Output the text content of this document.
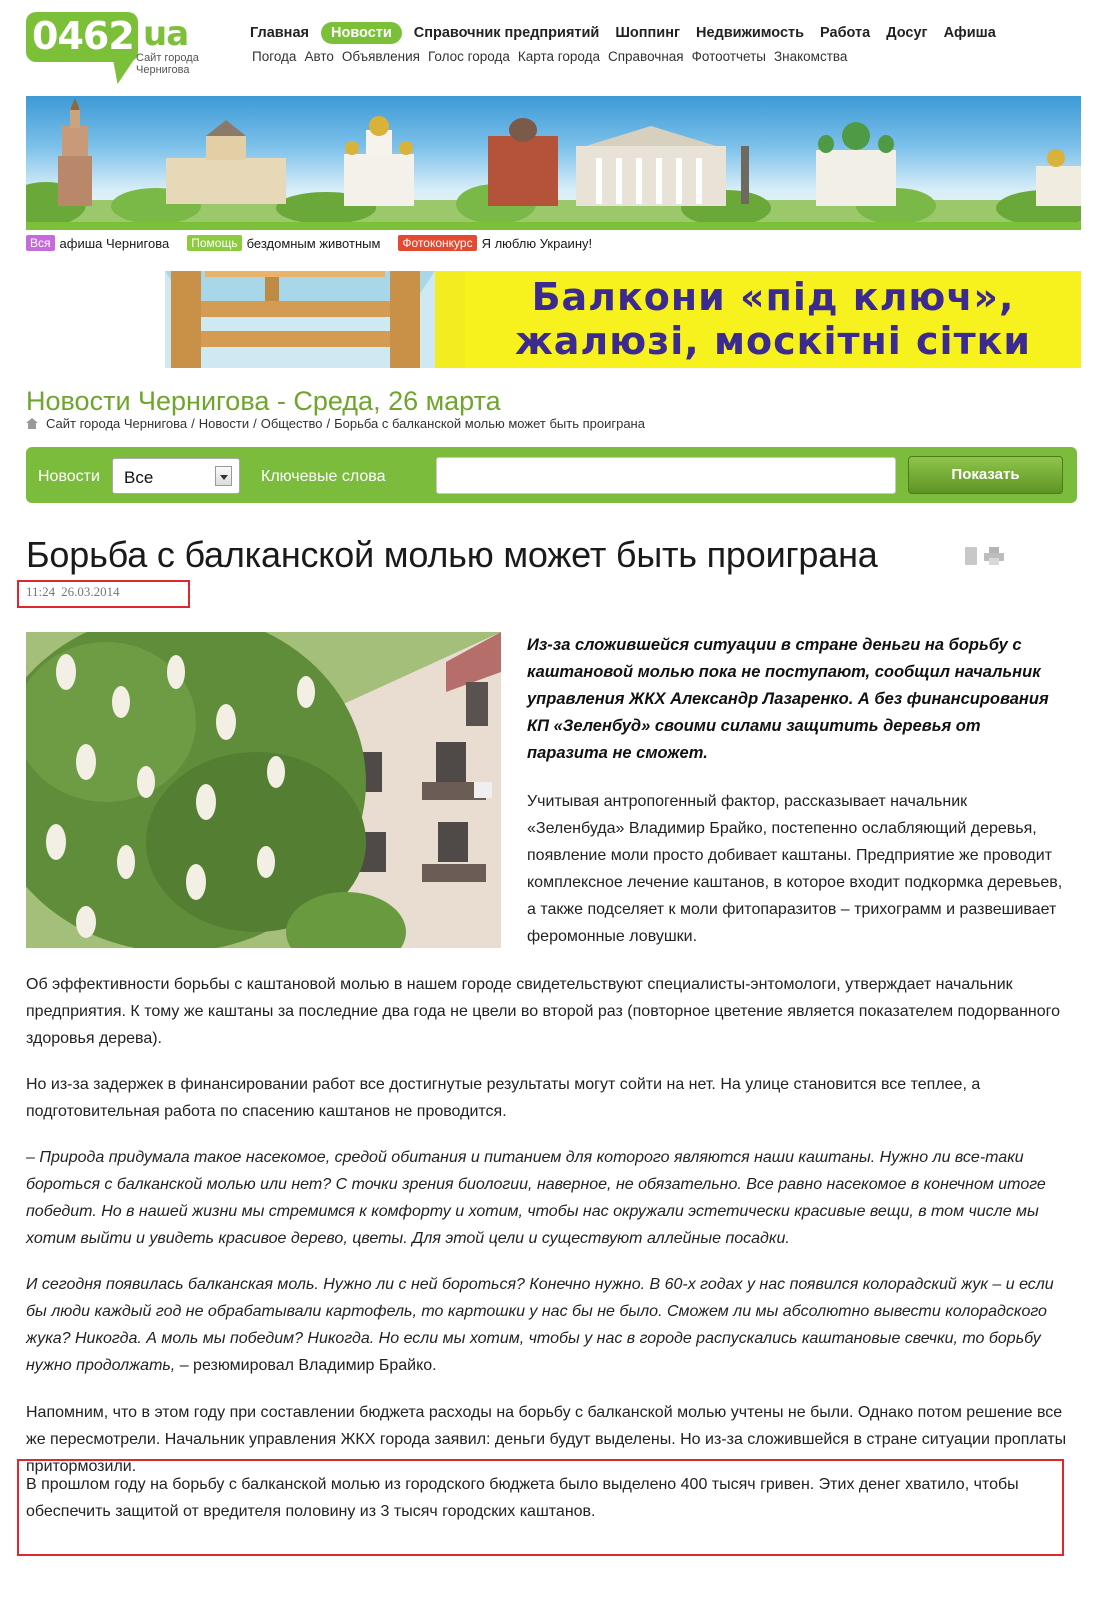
0462 ua
Сайт города Чернигова
Главная	Новости	Справочник предприятий Шоппинг Недвижимость Работа Досуг Афиша
Погода Авто Объявления Голос города Карта города Справочная Фотоотчеты Знакомства
Вся афиша Чернигова	Помощь бездомным животным	Фотоконкурс Я люблю Украину!
Балкони «під ключ»,
жалюзі, москітні сітки
Новости Чернигова - Среда, 26 марта
Сайт города Чернигова / Новости / Общество / Борьба с балканской молью может быть проиграна
Новости Все	Ключевые слова	Показать
Борьба с балканской молью может быть проиграна
11:24 26.03.2014

Из-за сложившейся ситуации в стране деньги на борьбу с каштановой молью пока не поступают, сообщил начальник управления ЖКХ Александр Лазаренко. А без финансирования КП «Зеленбуд» своими силами защитить деревья от паразита не сможет.

Учитывая антропогенный фактор, рассказывает начальник «Зеленбуда» Владимир Брайко, постепенно ослабляющий деревья, появление моли просто добивает каштаны. Предприятие же проводит комплексное лечение каштанов, в которое входит подкормка деревьев, а также подселяет к моли фитопаразитов – трихограмм и развешивает феромонные ловушки.

Об эффективности борьбы с каштановой молью в нашем городе свидетельствуют специалисты-энтомологи, утверждает начальник предприятия. К тому же каштаны за последние два года не цвели во второй раз (повторное цветение является показателем подорванного здоровья дерева).

Но из-за задержек в финансировании работ все достигнутые результаты могут сойти на нет. На улице становится все теплее, а подготовительная работа по спасению каштанов не проводится.

– Природа придумала такое насекомое, средой обитания и питанием для которого являются наши каштаны. Нужно ли все-таки бороться с балканской молью или нет? С точки зрения биологии, наверное, не обязательно. Все равно насекомое в конечном итоге победит. Но в нашей жизни мы стремимся к комфорту и хотим, чтобы нас окружали эстетически красивые вещи, в том числе мы хотим выйти и увидеть красивое дерево, цветы. Для этой цели и существуют аллейные посадки.

И сегодня появилась балканская моль. Нужно ли с ней бороться? Конечно нужно. В 60-х годах у нас появился колорадский жук – и если бы люди каждый год не обрабатывали картофель, то картошки у нас бы не было. Сможем ли мы абсолютно вывести колорадского жука? Никогда. А моль мы победим? Никогда. Но если мы хотим, чтобы у нас в городе распускались каштановые свечки, то борьбу нужно продолжать, – резюмировал Владимир Брайко.

Напомним, что в этом году при составлении бюджета расходы на борьбу с балканской молью учтены не были. Однако потом решение все же пересмотрели. Начальник управления ЖКХ города заявил: деньги будут выделены. Но из-за сложившейся в стране ситуации проплаты притормозили.

В прошлом году на борьбу с балканской молью из городского бюджета было выделено 400 тысяч гривен. Этих денег хватило, чтобы обеспечить защитой от вредителя половину из 3 тысяч городских каштанов.
